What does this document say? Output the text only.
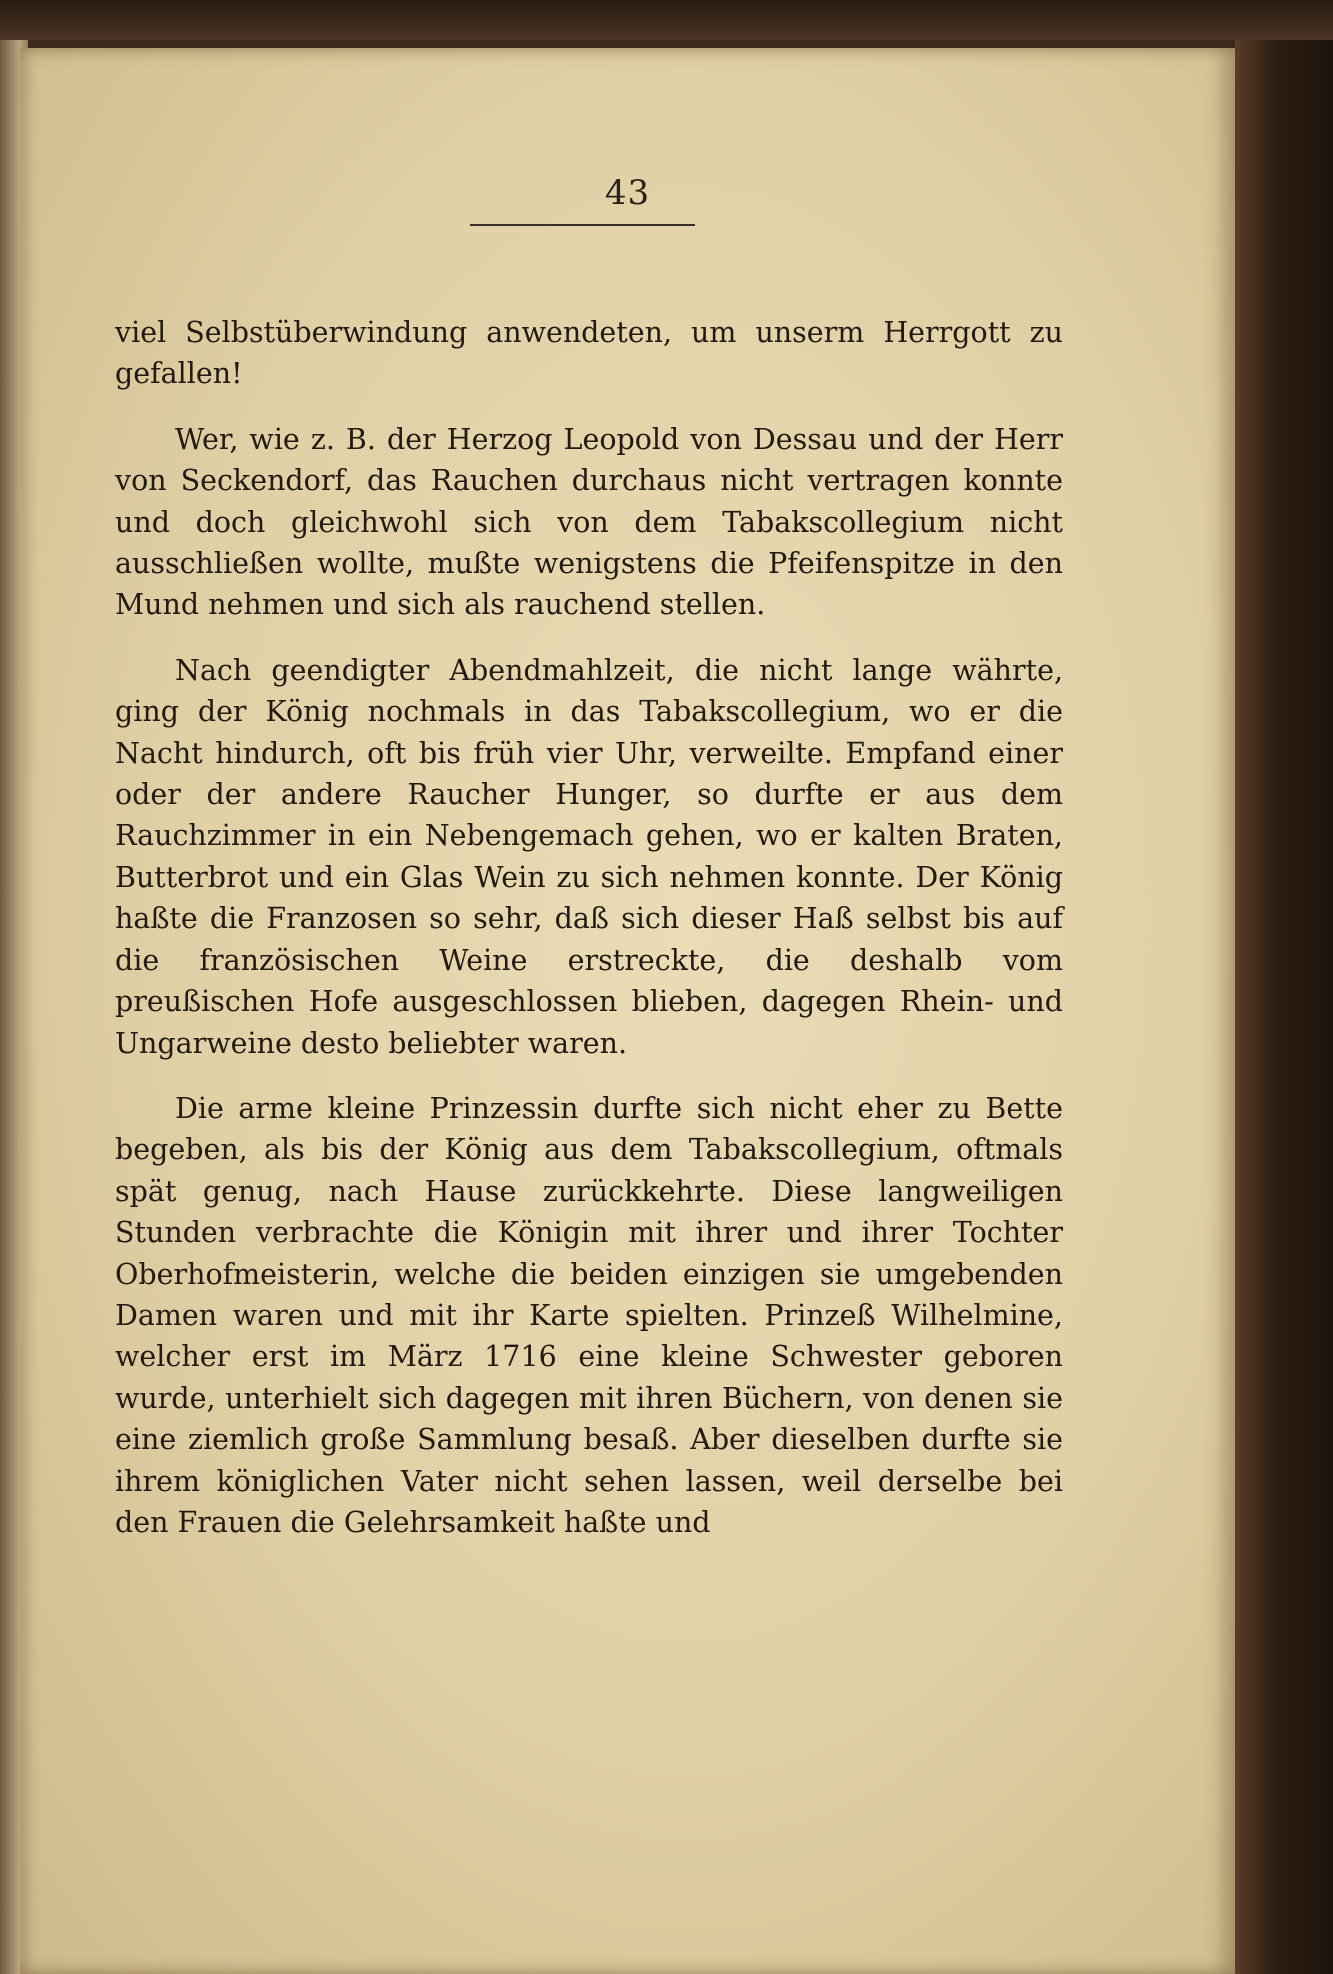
43

viel Selbstüberwindung anwendeten, um unserm Herrgott zu gefallen!

Wer, wie z. B. der Herzog Leopold von Dessau und der Herr von Seckendorf, das Rauchen durchaus nicht vertragen konnte und doch gleichwohl sich von dem Tabakscollegium nicht ausschließen wollte, mußte wenigstens die Pfeifenspitze in den Mund nehmen und sich als rauchend stellen.

Nach geendigter Abendmahlzeit, die nicht lange währte, ging der König nochmals in das Tabakscollegium, wo er die Nacht hindurch, oft bis früh vier Uhr, verweilte. Empfand einer oder der andere Raucher Hunger, so durfte er aus dem Rauchzimmer in ein Nebengemach gehen, wo er kalten Braten, Butterbrot und ein Glas Wein zu sich nehmen konnte. Der König haßte die Franzosen so sehr, daß sich dieser Haß selbst bis auf die französischen Weine erstreckte, die deshalb vom preußischen Hofe ausgeschlossen blieben, dagegen Rhein- und Ungarweine desto beliebter waren.

Die arme kleine Prinzessin durfte sich nicht eher zu Bette begeben, als bis der König aus dem Tabakscollegium, oftmals spät genug, nach Hause zurückkehrte. Diese langweiligen Stunden verbrachte die Königin mit ihrer und ihrer Tochter Oberhofmeisterin, welche die beiden einzigen sie umgebenden Damen waren und mit ihr Karte spielten. Prinzeß Wilhelmine, welcher erst im März 1716 eine kleine Schwester geboren wurde, unterhielt sich dagegen mit ihren Büchern, von denen sie eine ziemlich große Sammlung besaß. Aber dieselben durfte sie ihrem königlichen Vater nicht sehen lassen, weil derselbe bei den Frauen die Gelehrsamkeit haßte und
